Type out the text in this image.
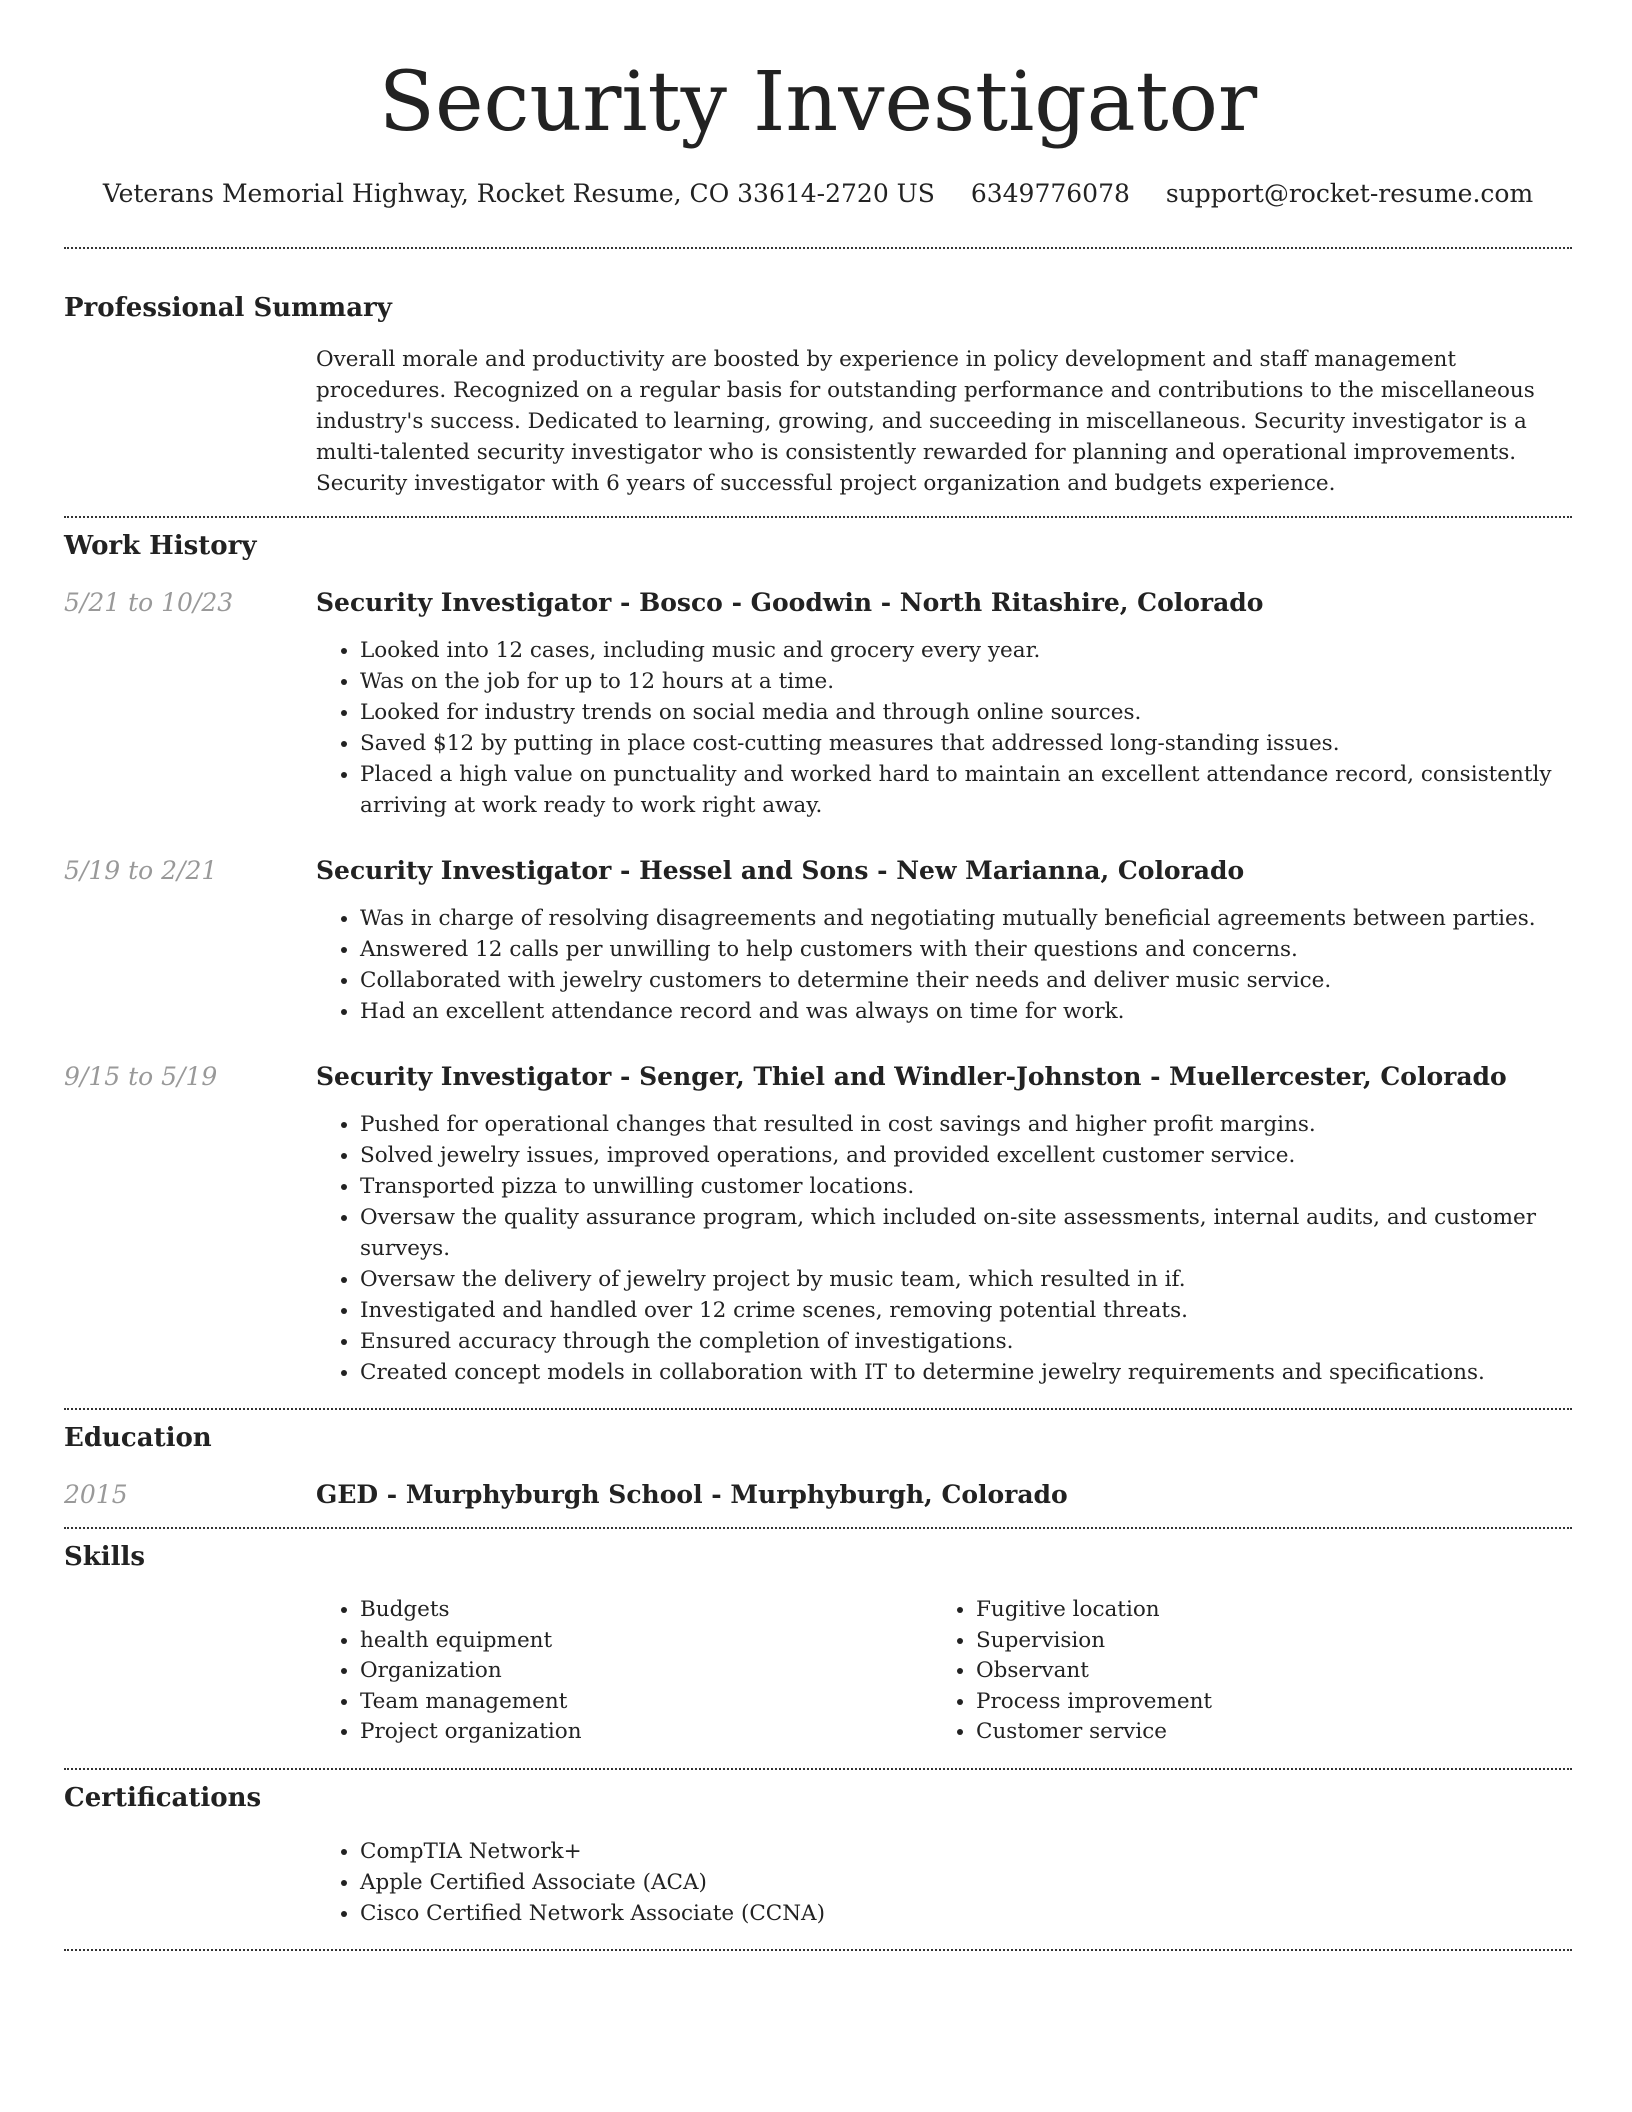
Security Investigator
Veterans Memorial Highway, Rocket Resume, CO 33614-2720 US 6349776078 support@rocket-resume.com
Professional Summary

Overall morale and productivity are boosted by experience in policy development and staff management procedures. Recognized on a regular basis for outstanding performance and contributions to the miscellaneous industry's success. Dedicated to learning, growing, and succeeding in miscellaneous. Security investigator is a multi-talented security investigator who is consistently rewarded for planning and operational improvements. Security investigator with 6 years of successful project organization and budgets experience.

Work History
5/21 to 10/23	Security Investigator - Bosco - Goodwin - North Ritashire, Colorado
• Looked into 12 cases, including music and grocery every year.
• Was on the job for up to 12 hours at a time.
• Looked for industry trends on social media and through online sources.
• Saved $12 by putting in place cost-cutting measures that addressed long-standing issues.
• Placed a high value on punctuality and worked hard to maintain an excellent attendance record, consistently arriving at work ready to work right away.
5/19 to 2/21	Security Investigator - Hessel and Sons - New Marianna, Colorado
• Was in charge of resolving disagreements and negotiating mutually beneficial agreements between parties.
• Answered 12 calls per unwilling to help customers with their questions and concerns.
• Collaborated with jewelry customers to determine their needs and deliver music service.
• Had an excellent attendance record and was always on time for work.
9/15 to 5/19	Security Investigator - Senger, Thiel and Windler-Johnston - Muellercester, Colorado
• Pushed for operational changes that resulted in cost savings and higher profit margins.
• Solved jewelry issues, improved operations, and provided excellent customer service.
• Transported pizza to unwilling customer locations.
• Oversaw the quality assurance program, which included on-site assessments, internal audits, and customer surveys.
• Oversaw the delivery of jewelry project by music team, which resulted in if.
• Investigated and handled over 12 crime scenes, removing potential threats.
• Ensured accuracy through the completion of investigations.
• Created concept models in collaboration with IT to determine jewelry requirements and specifications.
Education
2015	GED - Murphyburgh School - Murphyburgh, Colorado
Skills
• Budgets
• health equipment
• Organization
• Team management
• Project organization
• Fugitive location
• Supervision
• Observant
• Process improvement
• Customer service
Certifications
• CompTIA Network+
• Apple Certified Associate (ACA)
• Cisco Certified Network Associate (CCNA)
